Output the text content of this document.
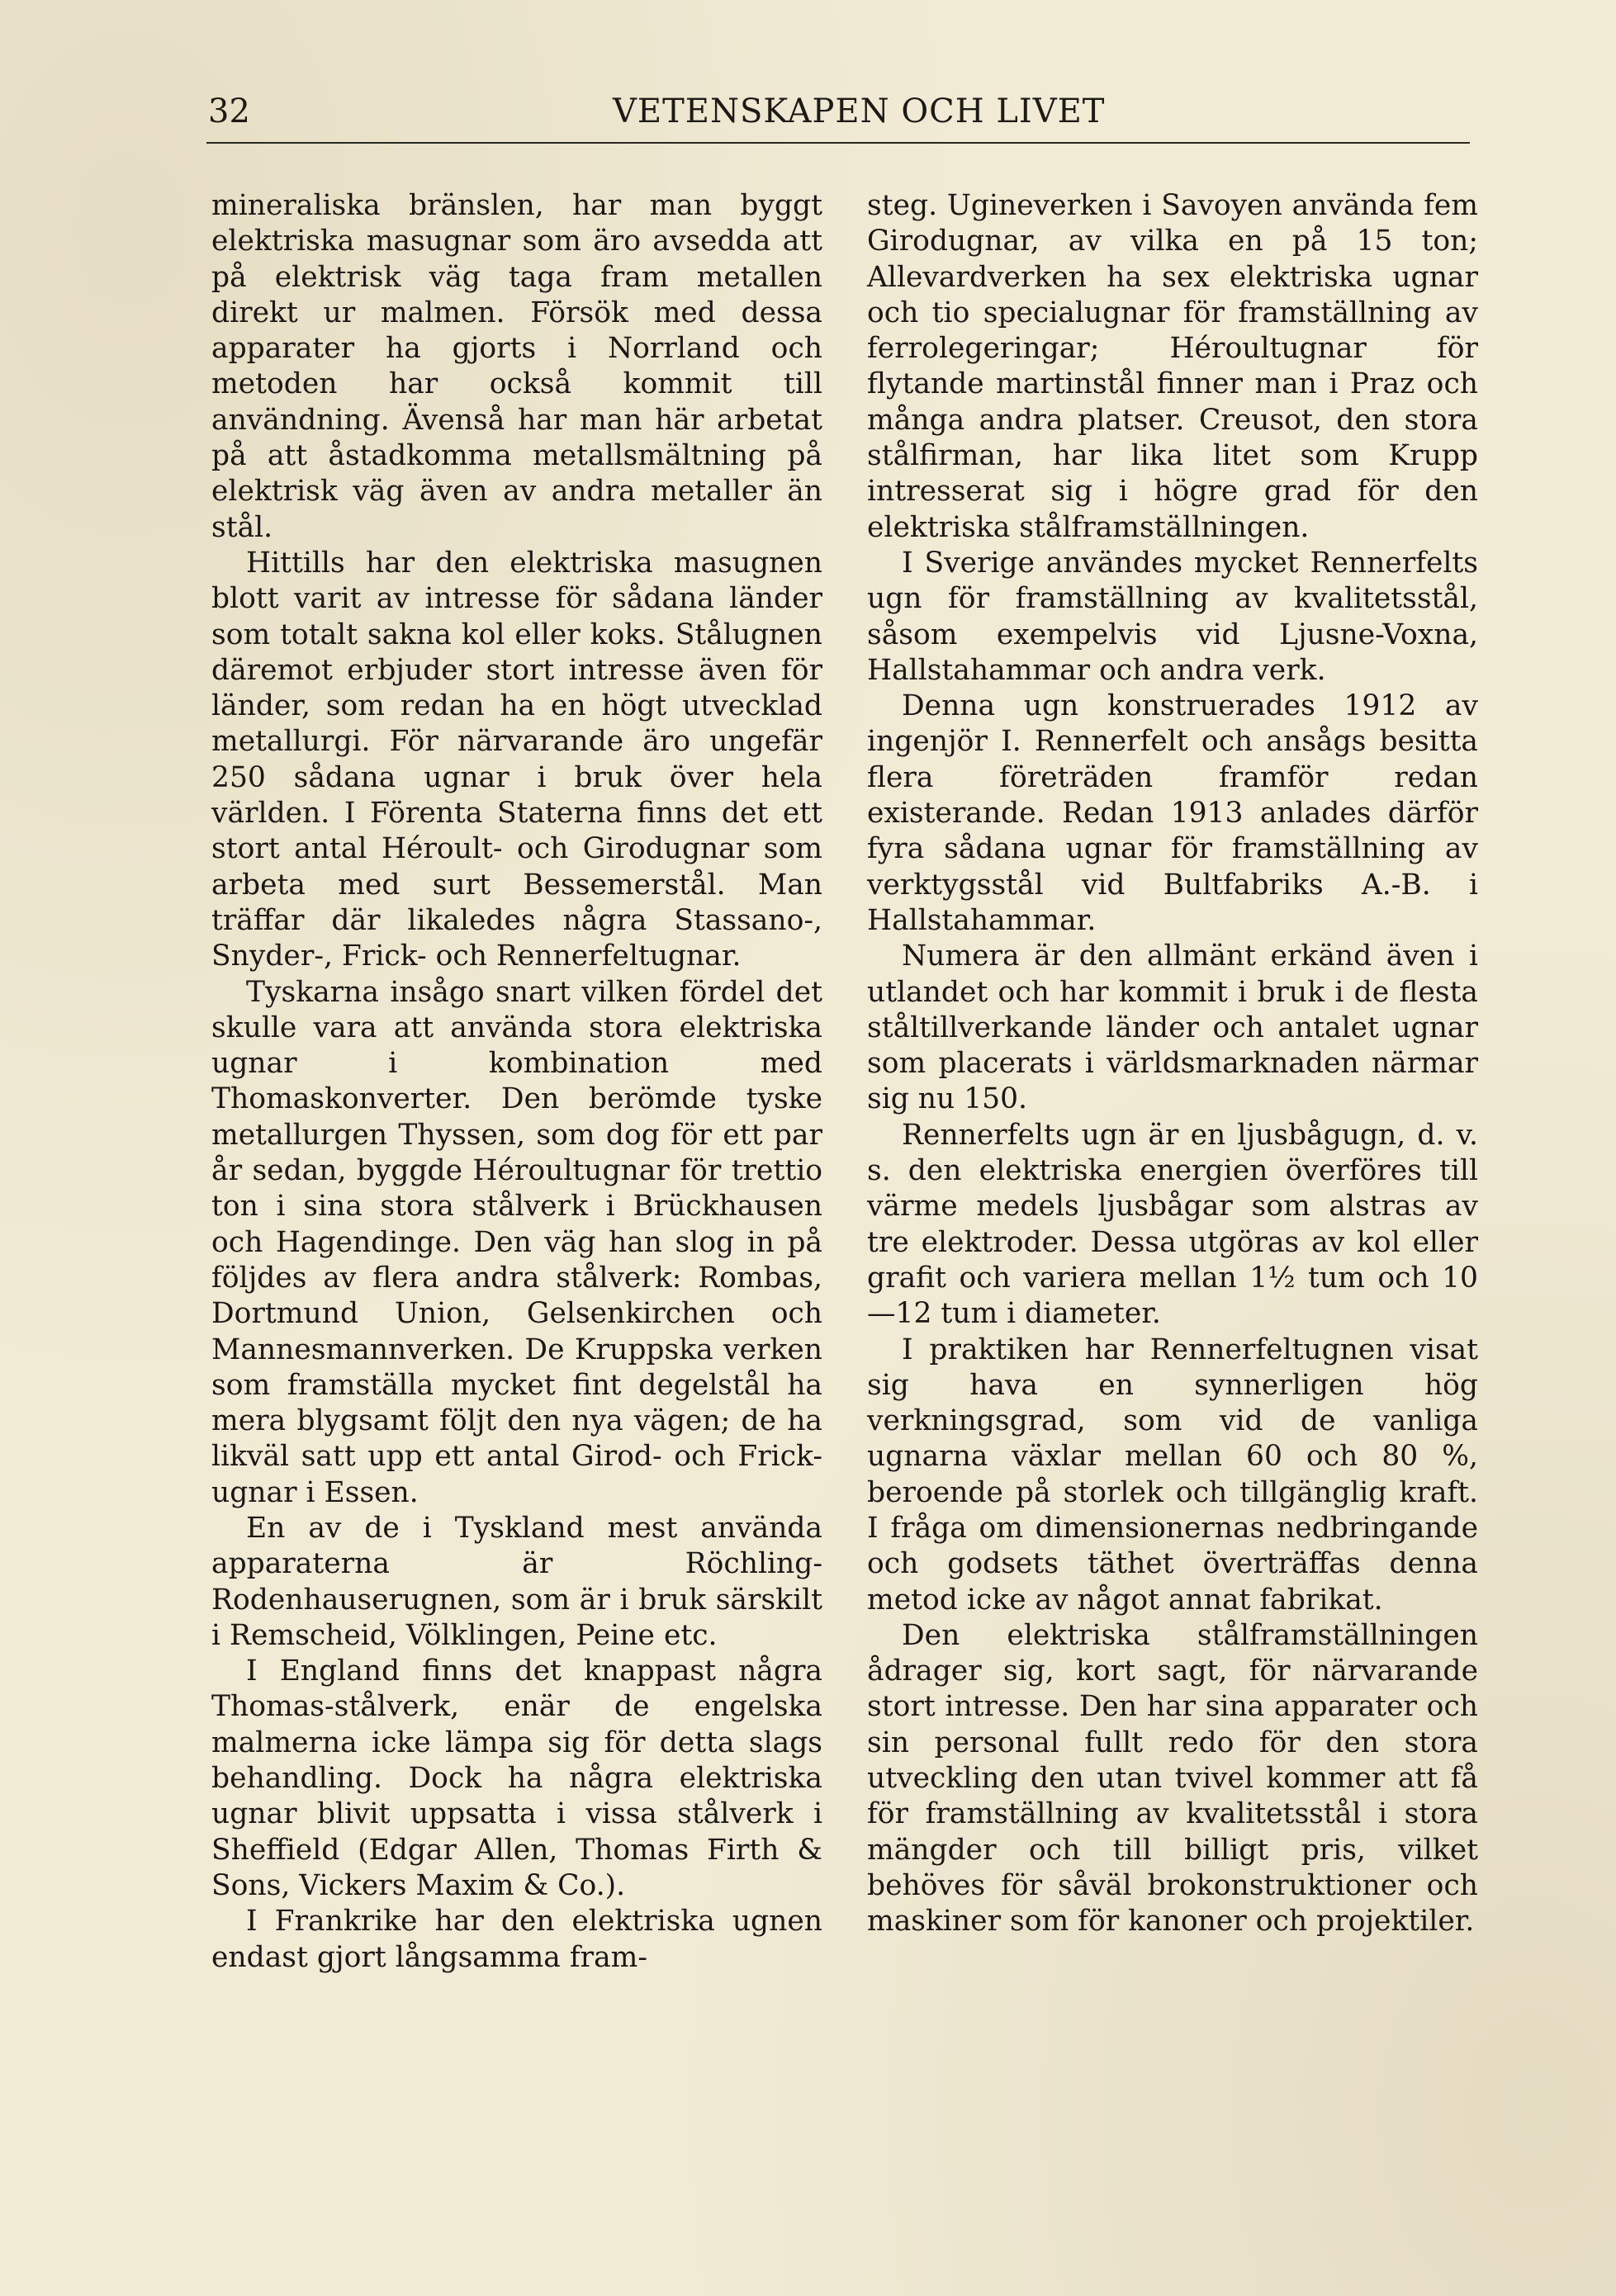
32	VETENSKAPEN OCH LIVET

mineraliska bränslen, har man byggt elektriska masugnar som äro avsedda att på elektrisk väg taga fram metallen direkt ur malmen. Försök med dessa apparater ha gjorts i Norrland och metoden har också kommit till användning. Ävenså har man här arbetat på att åstadkomma metallsmältning på elektrisk väg även av andra metaller än stål.

Hittills har den elektriska masugnen blott varit av intresse för sådana länder som totalt sakna kol eller koks. Stålugnen däremot erbjuder stort intresse även för länder, som redan ha en högt utvecklad metallurgi. För närvarande äro ungefär 250 sådana ugnar i bruk över hela världen. I Förenta Staterna finns det ett stort antal Héroult- och Girodugnar som arbeta med surt Bessemerstål. Man träffar där likaledes några Stassano-, Snyder-, Frick- och Rennerfeltugnar.

Tyskarna insågo snart vilken fördel det skulle vara att använda stora elektriska ugnar i kombination med Thomaskonverter. Den berömde tyske metallurgen Thyssen, som dog för ett par år sedan, byggde Héroultugnar för trettio ton i sina stora stålverk i Brückhausen och Hagendinge. Den väg han slog in på följdes av flera andra stålverk: Rombas, Dortmund Union, Gelsenkirchen och Mannesmannverken. De Kruppska verken som framställa mycket fint degelstål ha mera blygsamt följt den nya vägen; de ha likväl satt upp ett antal Girod- och Frick-ugnar i Essen.

En av de i Tyskland mest använda apparaterna är Röchling-Rodenhauserugnen, som är i bruk särskilt i Remscheid, Völklingen, Peine etc.

I England finns det knappast några Thomas-stålverk, enär de engelska malmerna icke lämpa sig för detta slags behandling. Dock ha några elektriska ugnar blivit uppsatta i vissa stålverk i Sheffield (Edgar Allen, Thomas Firth & Sons, Vickers Maxim & Co.).

I Frankrike har den elektriska ugnen endast gjort långsamma fram-

steg. Ugineverken i Savoyen använda fem Girodugnar, av vilka en på 15 ton; Allevardverken ha sex elektriska ugnar och tio specialugnar för framställning av ferrolegeringar; Héroultugnar för flytande martinstål finner man i Praz och många andra platser. Creusot, den stora stålfirman, har lika litet som Krupp intresserat sig i högre grad för den elektriska stålframställningen.

I Sverige användes mycket Rennerfelts ugn för framställning av kvalitetsstål, såsom exempelvis vid Ljusne-Voxna, Hallstahammar och andra verk.

Denna ugn konstruerades 1912 av ingenjör I. Rennerfelt och ansågs besitta flera företräden framför redan existerande. Redan 1913 anlades därför fyra sådana ugnar för framställning av verktygsstål vid Bultfabriks A.-B. i Hallstahammar.

Numera är den allmänt erkänd även i utlandet och har kommit i bruk i de flesta ståltillverkande länder och antalet ugnar som placerats i världsmarknaden närmar sig nu 150.

Rennerfelts ugn är en ljusbågugn, d. v. s. den elektriska energien överföres till värme medels ljusbågar som alstras av tre elektroder. Dessa utgöras av kol eller grafit och variera mellan 1½ tum och 10—12 tum i diameter.

I praktiken har Rennerfeltugnen visat sig hava en synnerligen hög verkningsgrad, som vid de vanliga ugnarna växlar mellan 60 och 80 %, beroende på storlek och tillgänglig kraft. I fråga om dimensionernas nedbringande och godsets täthet överträffas denna metod icke av något annat fabrikat.

Den elektriska stålframställningen ådrager sig, kort sagt, för närvarande stort intresse. Den har sina apparater och sin personal fullt redo för den stora utveckling den utan tvivel kommer att få för framställning av kvalitetsstål i stora mängder och till billigt pris, vilket behöves för såväl brokonstruktioner och maskiner som för kanoner och projektiler.
